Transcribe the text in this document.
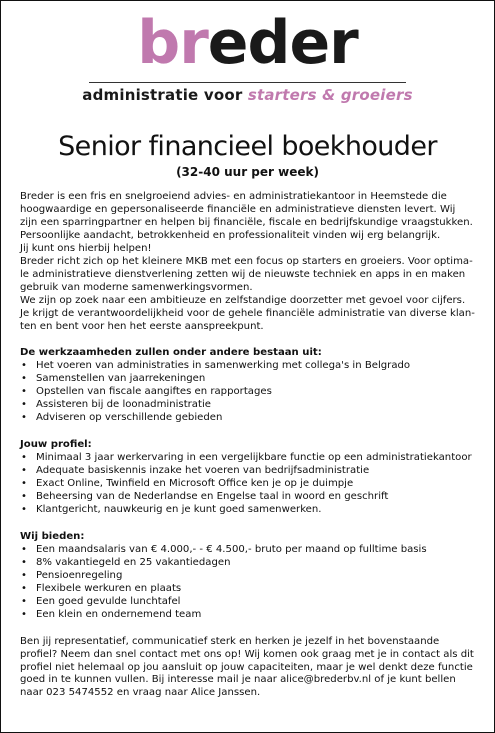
breder
administratie voor starters & groeiers
Senior financieel boekhouder
(32-40 uur per week)
Breder is een fris en snelgroeiend advies- en administratiekantoor in Heemstede die
hoogwaardige en gepersonaliseerde financiële en administratieve diensten levert. Wij
zijn een sparringpartner en helpen bij financiële, fiscale en bedrijfskundige vraagstukken.
Persoonlijke aandacht, betrokkenheid en professionaliteit vinden wij erg belangrijk.
Jij kunt ons hierbij helpen!
Breder richt zich op het kleinere MKB met een focus op starters en groeiers. Voor optima-
le administratieve dienstverlening zetten wij de nieuwste techniek en apps in en maken
gebruik van moderne samenwerkingsvormen.
We zijn op zoek naar een ambitieuze en zelfstandige doorzetter met gevoel voor cijfers.
Je krijgt de verantwoordelijkheid voor de gehele financiële administratie van diverse klan-
ten en bent voor hen het eerste aanspreekpunt.
De werkzaamheden zullen onder andere bestaan uit:
• Het voeren van administraties in samenwerking met collega's in Belgrado
• Samenstellen van jaarrekeningen
• Opstellen van fiscale aangiftes en rapportages
• Assisteren bij de loonadministratie
• Adviseren op verschillende gebieden
Jouw profiel:
• Minimaal 3 jaar werkervaring in een vergelijkbare functie op een administratiekantoor
• Adequate basiskennis inzake het voeren van bedrijfsadministratie
• Exact Online, Twinfield en Microsoft Office ken je op je duimpje
• Beheersing van de Nederlandse en Engelse taal in woord en geschrift
• Klantgericht, nauwkeurig en je kunt goed samenwerken.
Wij bieden:
• Een maandsalaris van € 4.000,- - € 4.500,- bruto per maand op fulltime basis
• 8% vakantiegeld en 25 vakantiedagen
• Pensioenregeling
• Flexibele werkuren en plaats
• Een goed gevulde lunchtafel
• Een klein en ondernemend team
Ben jij representatief, communicatief sterk en herken je jezelf in het bovenstaande
profiel? Neem dan snel contact met ons op! Wij komen ook graag met je in contact als dit
profiel niet helemaal op jou aansluit op jouw capaciteiten, maar je wel denkt deze functie
goed in te kunnen vullen. Bij interesse mail je naar alice@brederbv.nl of je kunt bellen
naar 023 5474552 en vraag naar Alice Janssen.
